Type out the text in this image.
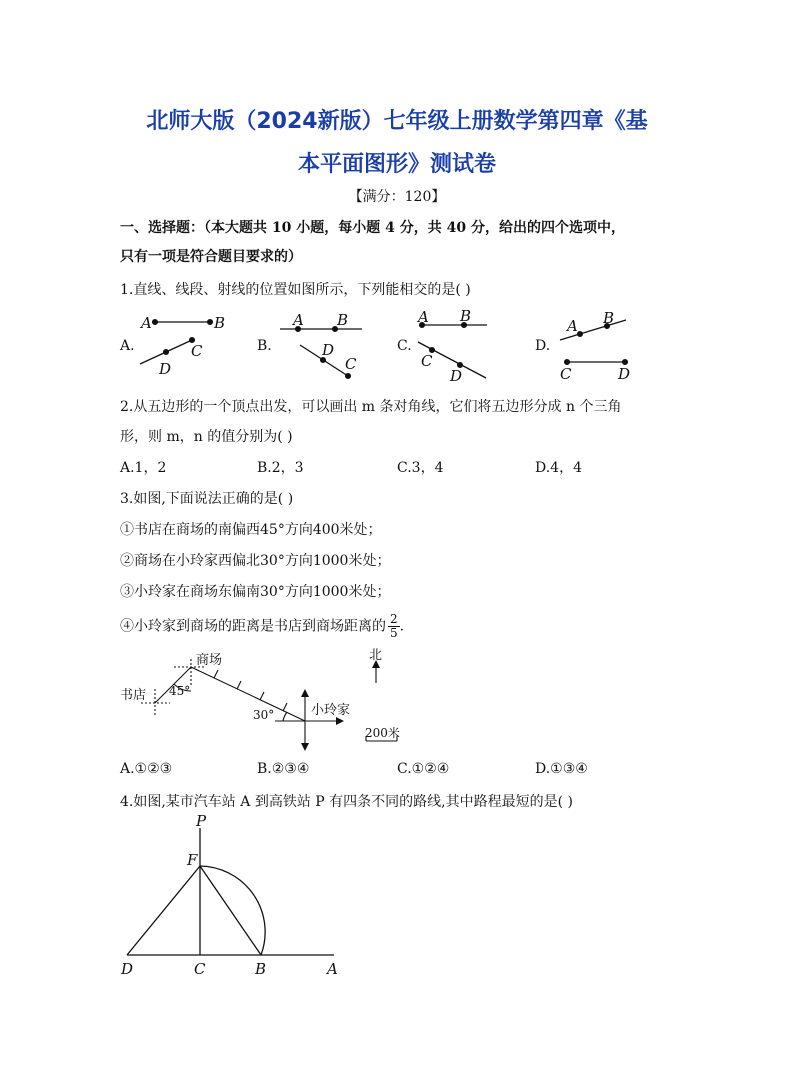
北师大版（2024新版）七年级上册数学第四章《基
本平面图形》测试卷
【满分：120】
一、选择题：（本大题共 10 小题，每小题 4 分，共 40 分，给出的四个选项中，
只有一项是符合题目要求的）
1.直线、线段、射线的位置如图所示，下列能相交的是( )
A.	B.	C.	D.
A	B
C
D
A B
C
D
A B
C
D
A B
C	D
2.从五边形的一个顶点出发，可以画出 m 条对角线，它们将五边形分成 n 个三角
形，则 m，n 的值分别为( )
A.1，2	B.2，3	C.3，4	D.4，4
3.如图,下面说法正确的是( )
①书店在商场的南偏西45°方向400米处；
②商场在小玲家西偏北30°方向1000米处；
③小玲家在商场东偏南30°方向1000米处；
④小玲家到商场的距离是书店到商场距离的 $\frac{2}{5}$ .
商场
书店
小玲家
北
45°
30°
200米
A.①②③	B.②③④	C.①②④	D.①③④
4.如图,某市汽车站 A 到高铁站 P 有四条不同的路线,其中路程最短的是( )
P
F
D	C	B	A
